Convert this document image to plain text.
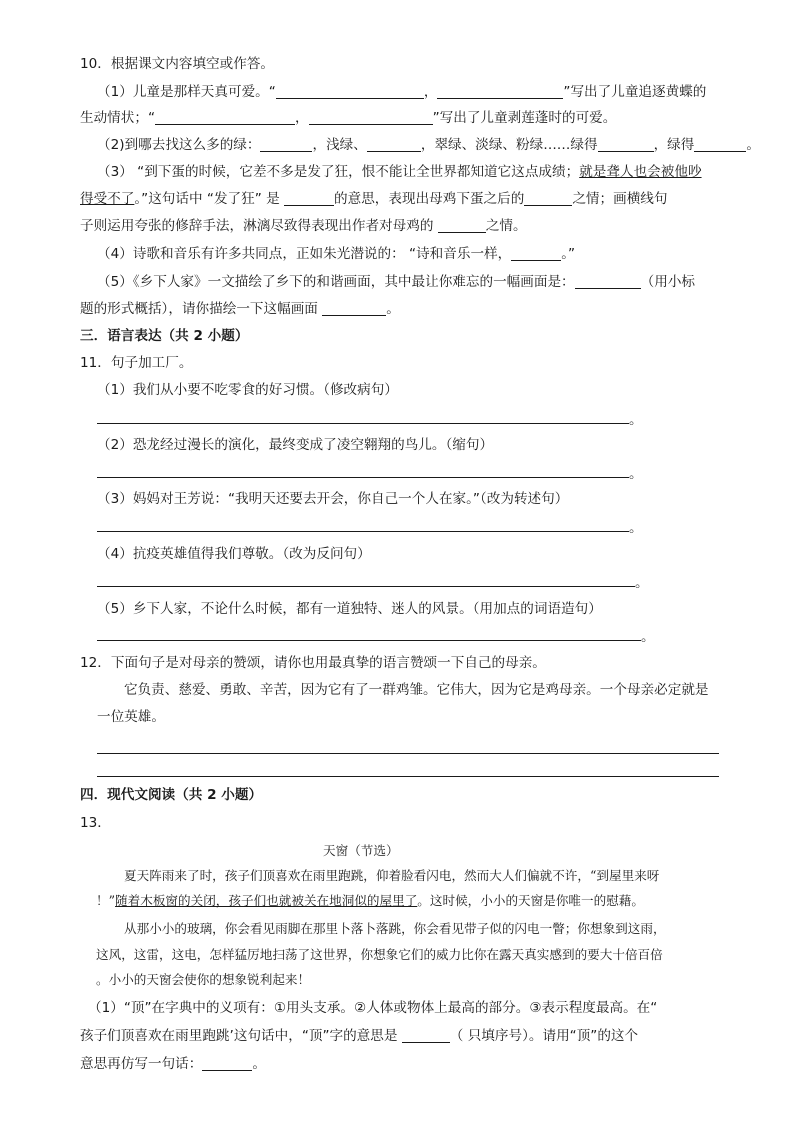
10．根据课文内容填空或作答。
（1）儿童是那样天真可爱。“	，	”写出了儿童追逐黄蝶的
生动情状；“	，	”写出了儿童剥莲蓬时的可爱。
（2)到哪去找这么多的绿：	，浅绿、	，翠绿、淡绿、粉绿……绿得	，绿得	。
（3） “到下蛋的时候，它差不多是发了狂，恨不能让全世界都知道它这点成绩；就是聋人也会被他吵
得受不了。”这句话中 “发了狂” 是	的意思，表现出母鸡下蛋之后的	之情；画横线句
子则运用夸张的修辞手法，淋漓尽致得表现出作者对母鸡的	之情。
（4）诗歌和音乐有许多共同点，正如朱光潜说的： “诗和音乐一样，	。”
（5）《乡下人家》一文描绘了乡下的和谐画面，其中最让你难忘的一幅画面是：	（用小标
题的形式概括），请你描绘一下这幅画面	。
三．语言表达（共 2 小题）
11．句子加工厂。
（1）我们从小要不吃零食的好习惯。（修改病句）
。
（2）恐龙经过漫长的演化，最终变成了凌空翱翔的鸟儿。（缩句）
。
（3）妈妈对王芳说：“我明天还要去开会，你自己一个人在家。”（改为转述句）
。
（4）抗疫英雄值得我们尊敬。（改为反问句）
。
（5）乡下人家，不论什么时候，都有一道独特、迷人的风景。（用加点的词语造句）
。
12．下面句子是对母亲的赞颂，请你也用最真挚的语言赞颂一下自己的母亲。
它负责、慈爱、勇敢、辛苦，因为它有了一群鸡雏。它伟大，因为它是鸡母亲。一个母亲必定就是
一位英雄。
四．现代文阅读（共 2 小题）
13．
天窗（节选）
夏天阵雨来了时，孩子们顶喜欢在雨里跑跳，仰着脸看闪电，然而大人们偏就不许，“到屋里来呀
！”随着木板窗的关闭，孩子们也就被关在地洞似的屋里了。这时候，小小的天窗是你唯一的慰藉。
从那小小的玻璃，你会看见雨脚在那里卜落卜落跳，你会看见带子似的闪电一瞥；你想象到这雨，
这风，这雷，这电，怎样猛厉地扫荡了这世界，你想象它们的威力比你在露天真实感到的要大十倍百倍
。小小的天窗会使你的想象锐利起来！
（1）“顶”在字典中的义项有：①用头支承。②人体或物体上最高的部分。③表示程度最高。在“
孩子们顶喜欢在雨里跑跳’这句话中，“顶”字的意思是	（ 只填序号）。请用“顶”的这个
意思再仿写一句话：	。
